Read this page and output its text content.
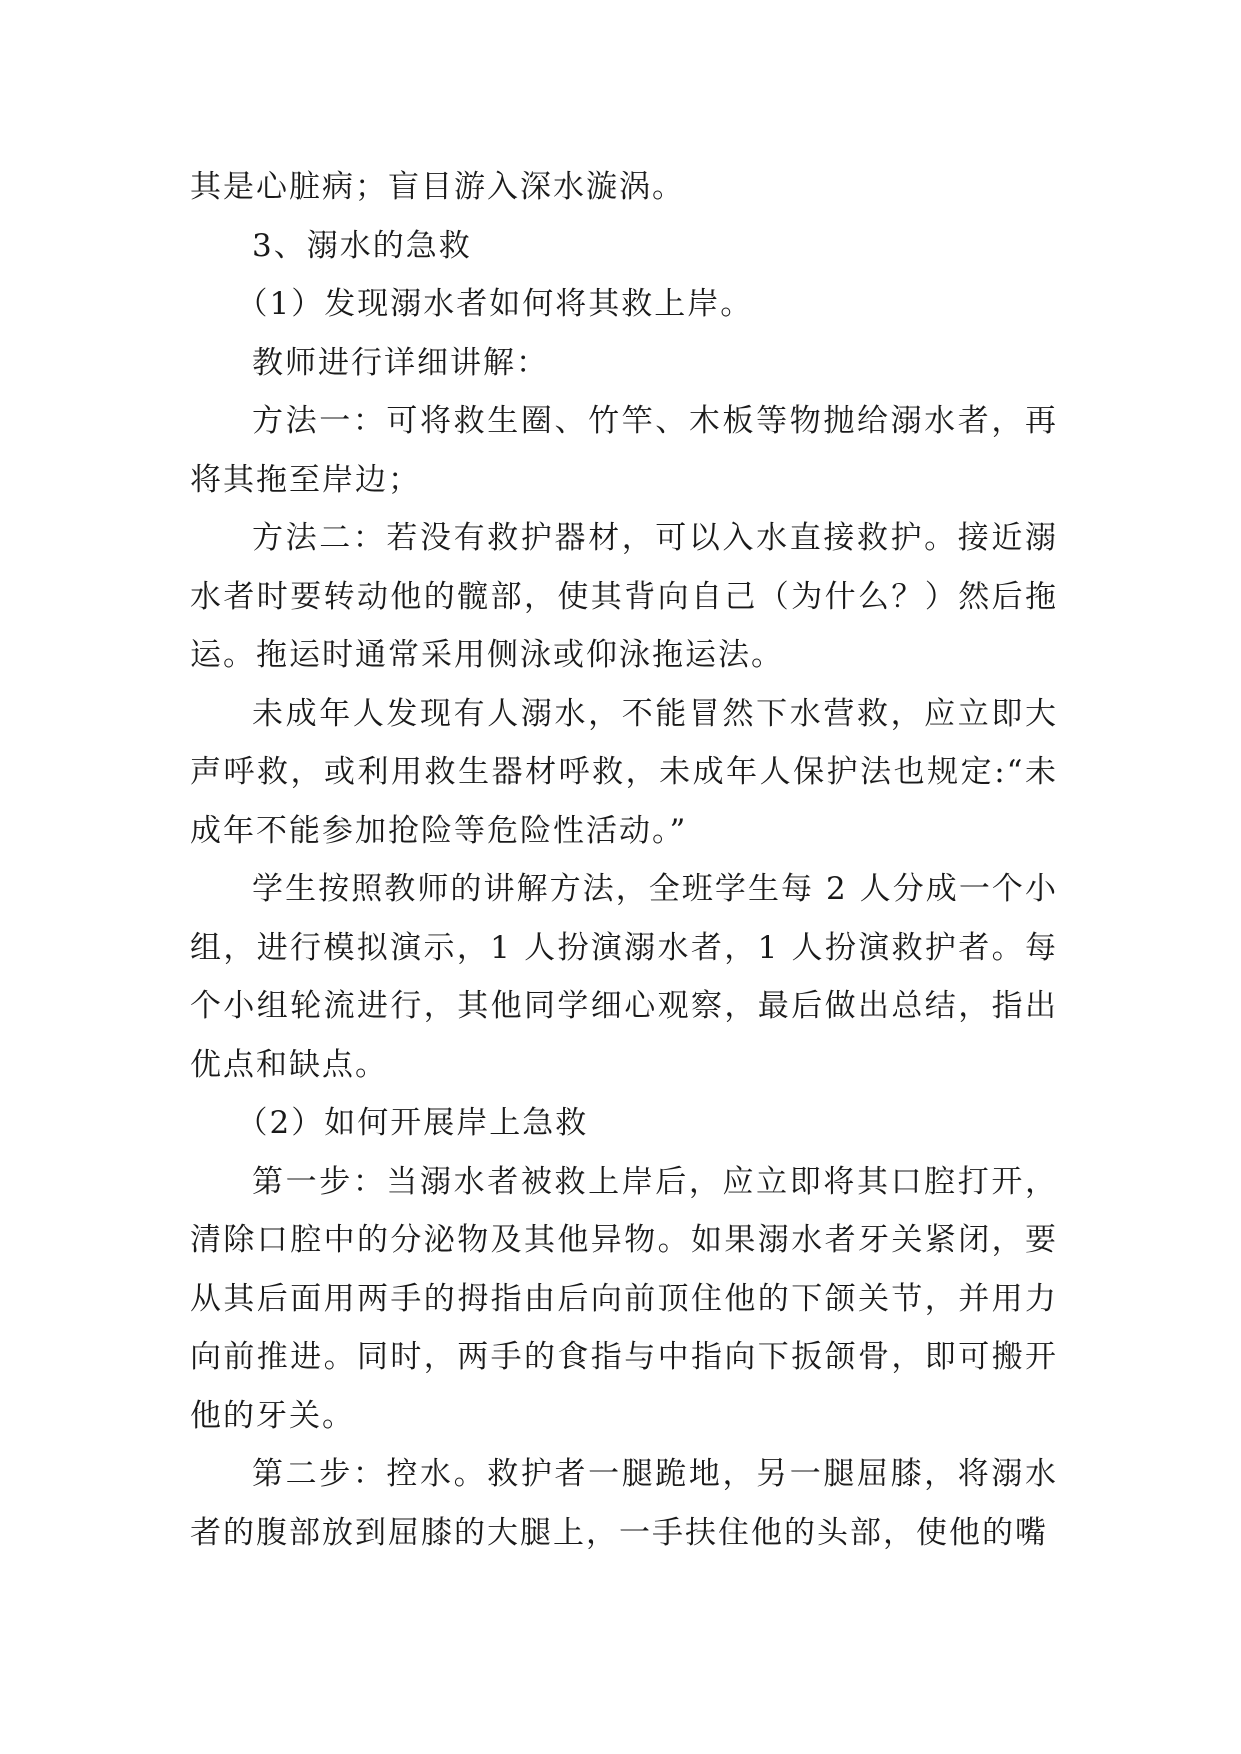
其是心脏病；盲目游入深水漩涡。

3、溺水的急救

（1）发现溺水者如何将其救上岸。

教师进行详细讲解：

方法一：可将救生圈、竹竿、木板等物抛给溺水者，再将其拖至岸边；

方法二：若没有救护器材，可以入水直接救护。接近溺水者时要转动他的髋部，使其背向自己（为什么？）然后拖运。拖运时通常采用侧泳或仰泳拖运法。

未成年人发现有人溺水，不能冒然下水营救，应立即大声呼救，或利用救生器材呼救，未成年人保护法也规定:“未成年不能参加抢险等危险性活动。”

学生按照教师的讲解方法，全班学生每 2 人分成一个小组，进行模拟演示，1 人扮演溺水者，1 人扮演救护者。每个小组轮流进行，其他同学细心观察，最后做出总结，指出优点和缺点。

（2）如何开展岸上急救

第一步：当溺水者被救上岸后，应立即将其口腔打开，清除口腔中的分泌物及其他异物。如果溺水者牙关紧闭，要从其后面用两手的拇指由后向前顶住他的下颌关节，并用力向前推进。同时，两手的食指与中指向下扳颌骨，即可搬开他的牙关。

第二步：控水。救护者一腿跪地，另一腿屈膝，将溺水者的腹部放到屈膝的大腿上，一手扶住他的头部，使他的嘴
